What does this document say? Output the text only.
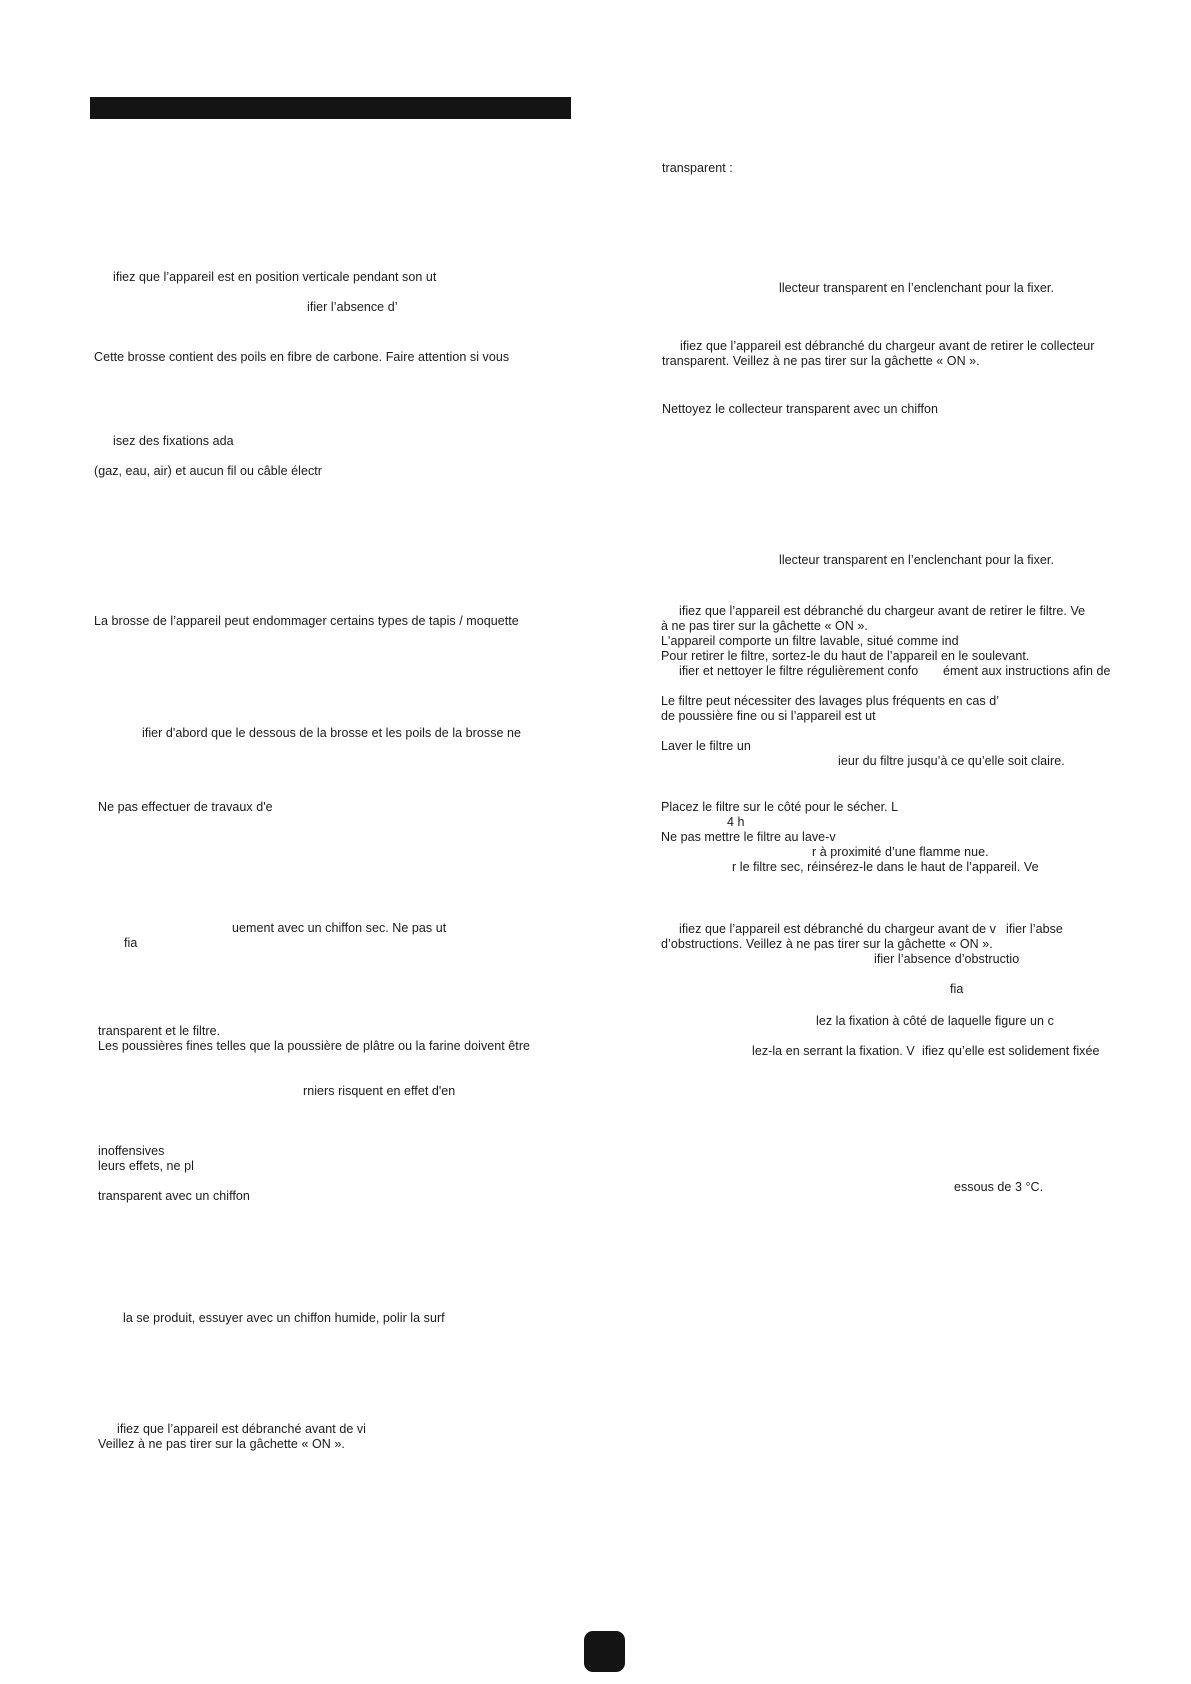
ifiez que l’appareil est en position verticale pendant son ut
ifier l’absence d’
Cette brosse contient des poils en fibre de carbone. Faire attention si vous
isez des fixations ada
(gaz, eau, air) et aucun fil ou câble électr
La brosse de l’appareil peut endommager certains types de tapis / moquette
ifier d'abord que le dessous de la brosse et les poils de la brosse ne
Ne pas effectuer de travaux d'e
uement avec un chiffon sec. Ne pas ut
fia
transparent et le filtre.
Les poussières fines telles que la poussière de plâtre ou la farine doivent être
rniers risquent en effet d'en
inoffensives
leurs effets, ne pl
transparent avec un chiffon
la se produit, essuyer avec un chiffon humide, polir la surf
ifiez que l’appareil est débranché avant de vi
Veillez à ne pas tirer sur la gâchette « ON ».
transparent :
llecteur transparent en l’enclenchant pour la fixer.
ifiez que l’appareil est débranché du chargeur avant de retirer le collecteur
transparent. Veillez à ne pas tirer sur la gâchette « ON ».
Nettoyez le collecteur transparent avec un chiffon
llecteur transparent en l’enclenchant pour la fixer.
ifiez que l’appareil est débranché du chargeur avant de retirer le filtre. Ve
à ne pas tirer sur la gâchette « ON ».
L'appareil comporte un filtre lavable, situé comme ind
Pour retirer le filtre, sortez-le du haut de l’appareil en le soulevant.
ifier et nettoyer le filtre régulièrement confo ément aux instructions afin de
Le filtre peut nécessiter des lavages plus fréquents en cas d’
de poussière fine ou si l’appareil est ut
Laver le filtre un
ieur du filtre jusqu’à ce qu’elle soit claire.
Placez le filtre sur le côté pour le sécher. L
4 h
Ne pas mettre le filtre au lave-v
r à proximité d’une flamme nue.
r le filtre sec, réinsérez-le dans le haut de l’appareil. Ve
ifiez que l’appareil est débranché du chargeur avant de v ifier l’abse
d’obstructions. Veillez à ne pas tirer sur la gâchette « ON ».
ifier l’absence d’obstructio
fia
lez la fixation à côté de laquelle figure un c
lez-la en serrant la fixation. V ifiez qu’elle est solidement fixée
essous de 3 °C.
